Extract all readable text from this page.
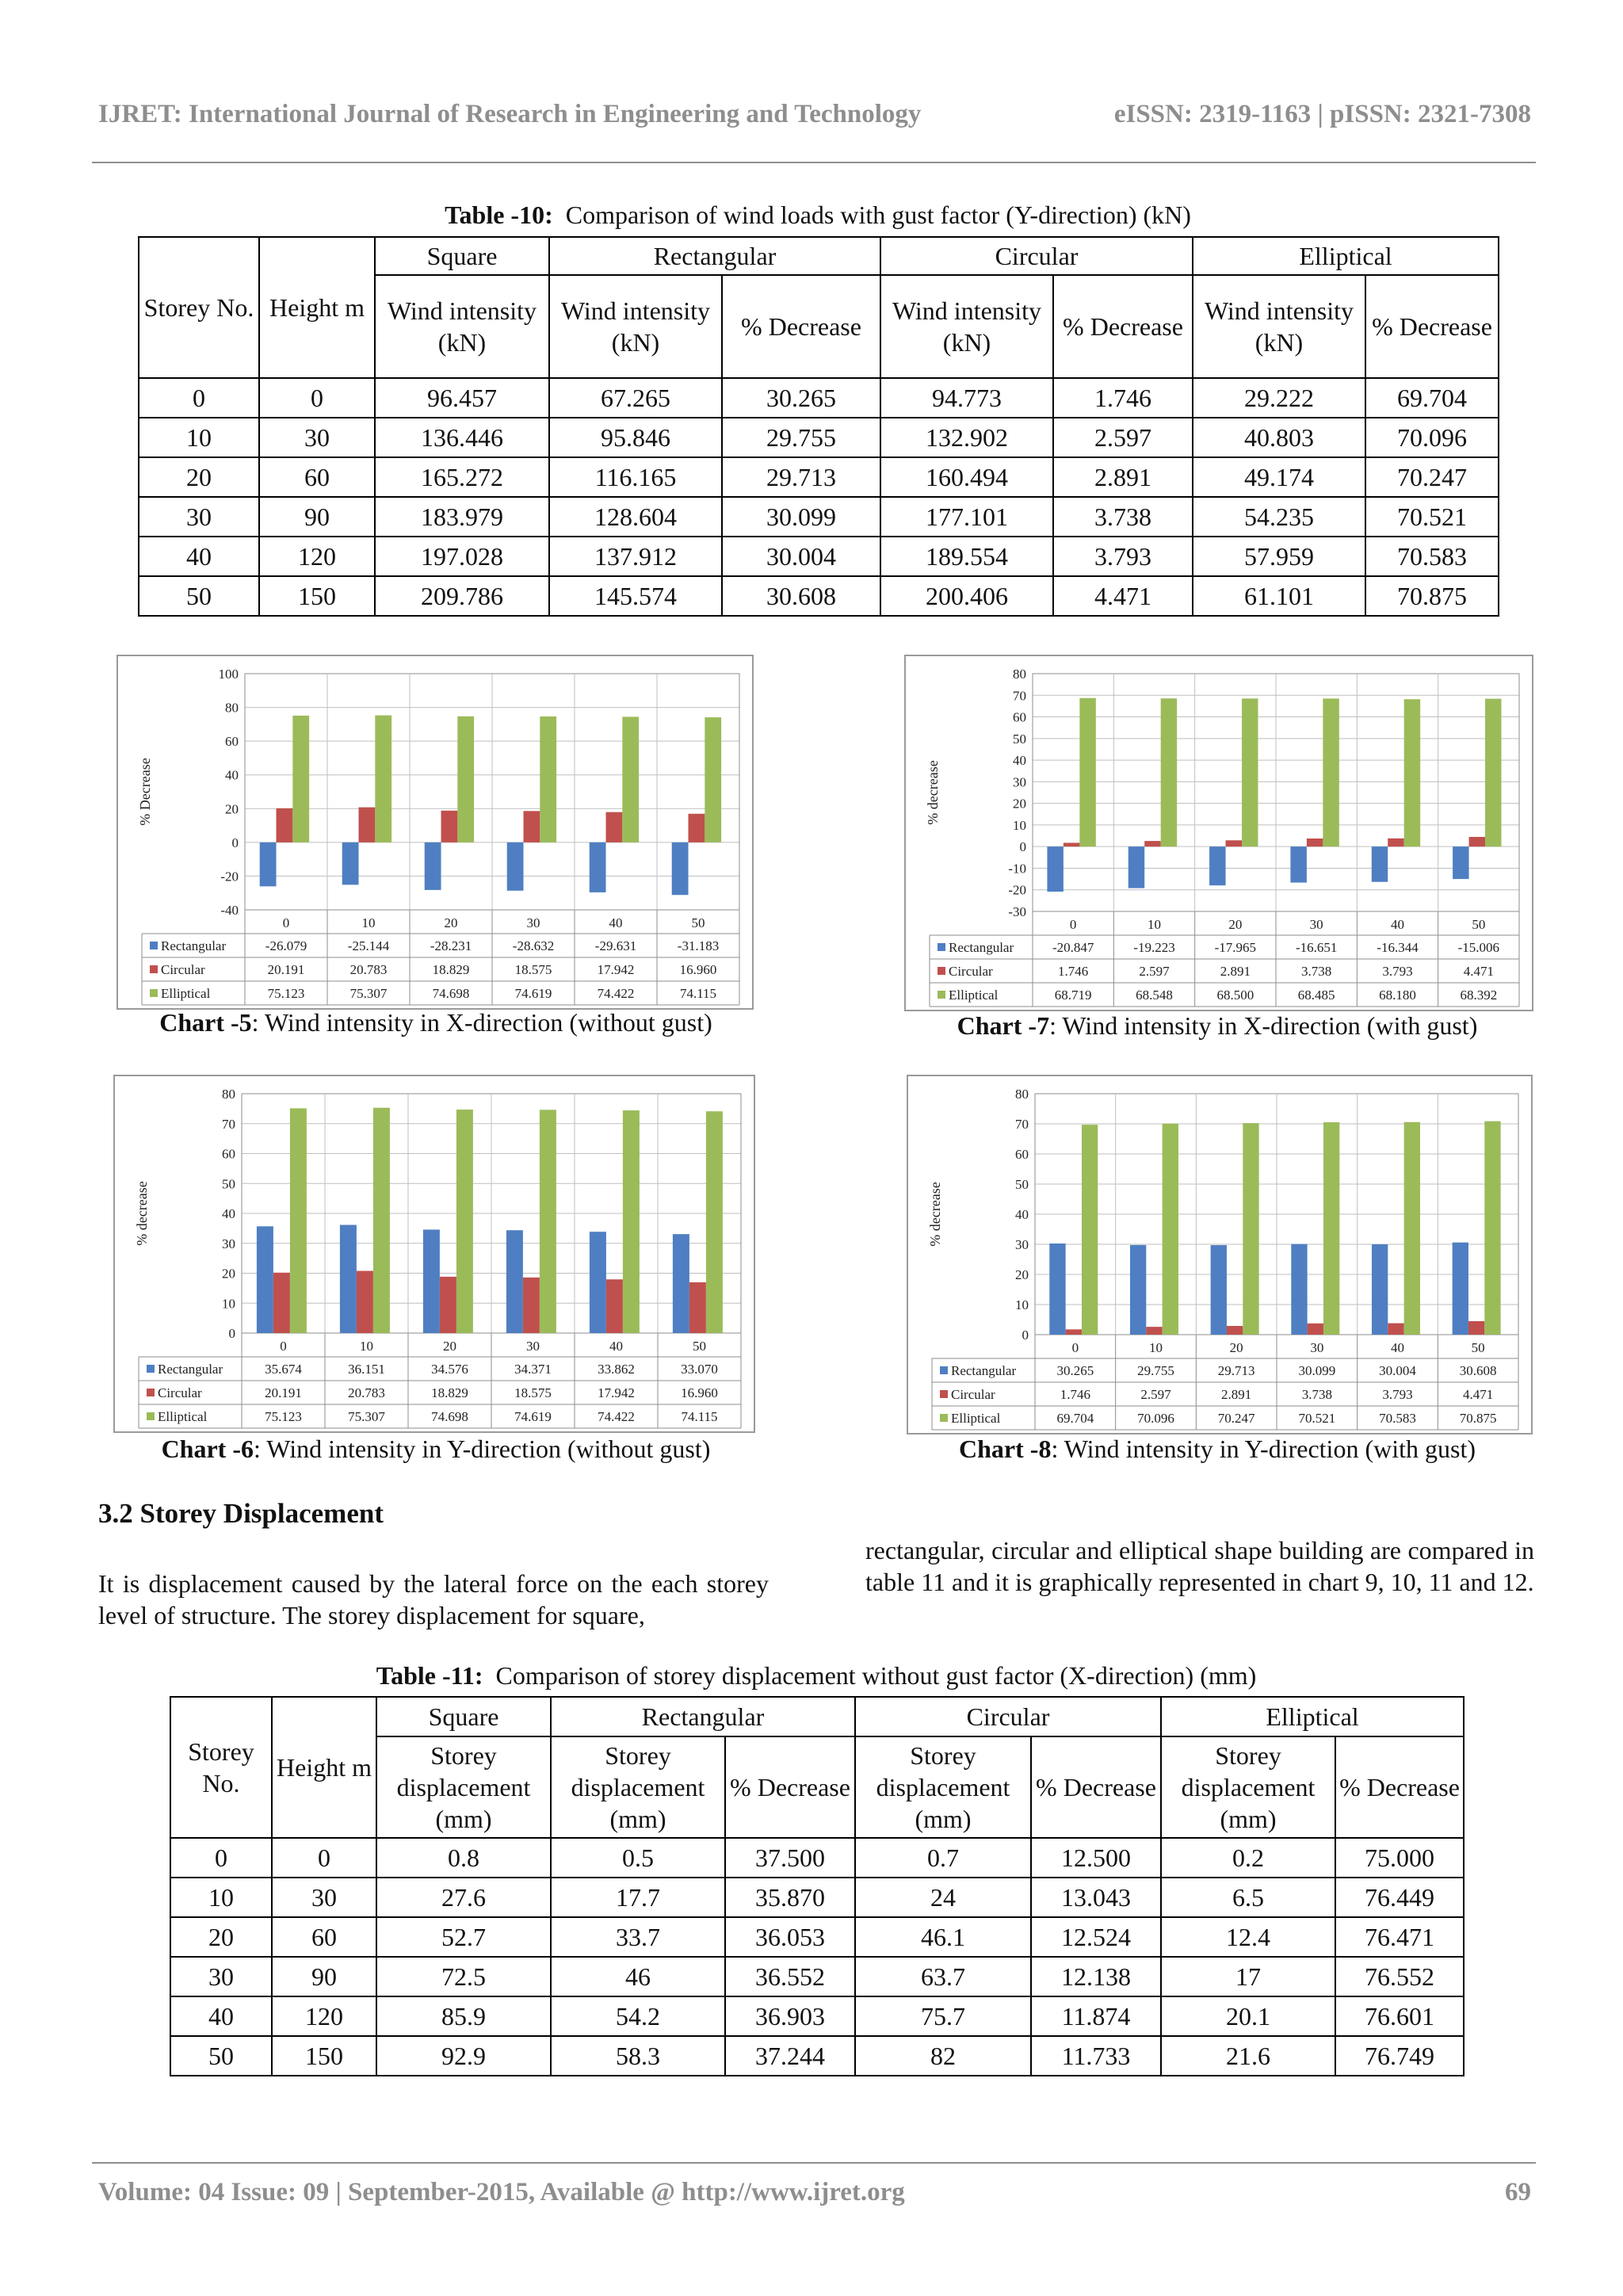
IJRET: International Journal of Research in Engineering and Technology	eISSN: 2319-1163 | pISSN: 2321-7308
Table -10: Comparison of wind loads with gust factor (Y-direction) (kN)
Storey No.	Height m	Square	Rectangular		Circular		Elliptical	
		Wind intensity (kN)	Wind intensity (kN)	% Decrease	Wind intensity (kN)	% Decrease	Wind intensity (kN)	% Decrease
0	0	96.457	67.265	30.265	94.773	1.746	29.222	69.704
10	30	136.446	95.846	29.755	132.902	2.597	40.803	70.096
20	60	165.272	116.165	29.713	160.494	2.891	49.174	70.247
30	90	183.979	128.604	30.099	177.101	3.738	54.235	70.521
40	120	197.028	137.912	30.004	189.554	3.793	57.959	70.583
50	150	209.786	145.574	30.608	200.406	4.471	61.101	70.875
-40
-20
0
20
40
60
80
100
% Decrease
0	10	20	30	40	50
Rectangular	-26.079	-25.144	-28.231	-28.632	-29.631	-31.183
Circular	20.191	20.783	18.829	18.575	17.942	16.960
Elliptical	75.123	75.307	74.698	74.619	74.422	74.115
Chart -5: Wind intensity in X-direction (without gust)
-30
-20
-10
0
10
20
30
40
50
60
70
80
% decrease
0	10	20	30	40	50
Rectangular	-20.847	-19.223	-17.965	-16.651	-16.344	-15.006
Circular	1.746	2.597	2.891	3.738	3.793	4.471
Elliptical	68.719	68.548	68.500	68.485	68.180	68.392
Chart -7: Wind intensity in X-direction (with gust)
0
10
20
30
40
50
60
70
80
% decrease
0	10	20	30	40	50
Rectangular	35.674	36.151	34.576	34.371	33.862	33.070
Circular	20.191	20.783	18.829	18.575	17.942	16.960
Elliptical	75.123	75.307	74.698	74.619	74.422	74.115
Chart -6: Wind intensity in Y-direction (without gust)
0
10
20
30
40
50
60
70
80
% decrease
0	10	20	30	40	50
Rectangular	30.265	29.755	29.713	30.099	30.004	30.608
Circular	1.746	2.597	2.891	3.738	3.793	4.471
Elliptical	69.704	70.096	70.247	70.521	70.583	70.875
Chart -8: Wind intensity in Y-direction (with gust)
3.2 Storey Displacement
It is displacement caused by the lateral force on the each storey level of structure. The storey displacement for square,
rectangular, circular and elliptical shape building are compared in table 11 and it is graphically represented in chart 9, 10, 11 and 12.
Table -11: Comparison of storey displacement without gust factor (X-direction) (mm)
Storey No.	Height m	Square	Rectangular		Circular		Elliptical	
		Storey displacement (mm)	Storey displacement (mm)	% Decrease	Storey displacement (mm)	% Decrease	Storey displacement (mm)	% Decrease
0	0	0.8	0.5	37.500	0.7	12.500	0.2	75.000
10	30	27.6	17.7	35.870	24	13.043	6.5	76.449
20	60	52.7	33.7	36.053	46.1	12.524	12.4	76.471
30	90	72.5	46	36.552	63.7	12.138	17	76.552
40	120	85.9	54.2	36.903	75.7	11.874	20.1	76.601
50	150	92.9	58.3	37.244	82	11.733	21.6	76.749
Volume: 04 Issue: 09 | September-2015, Available @ http://www.ijret.org	69
